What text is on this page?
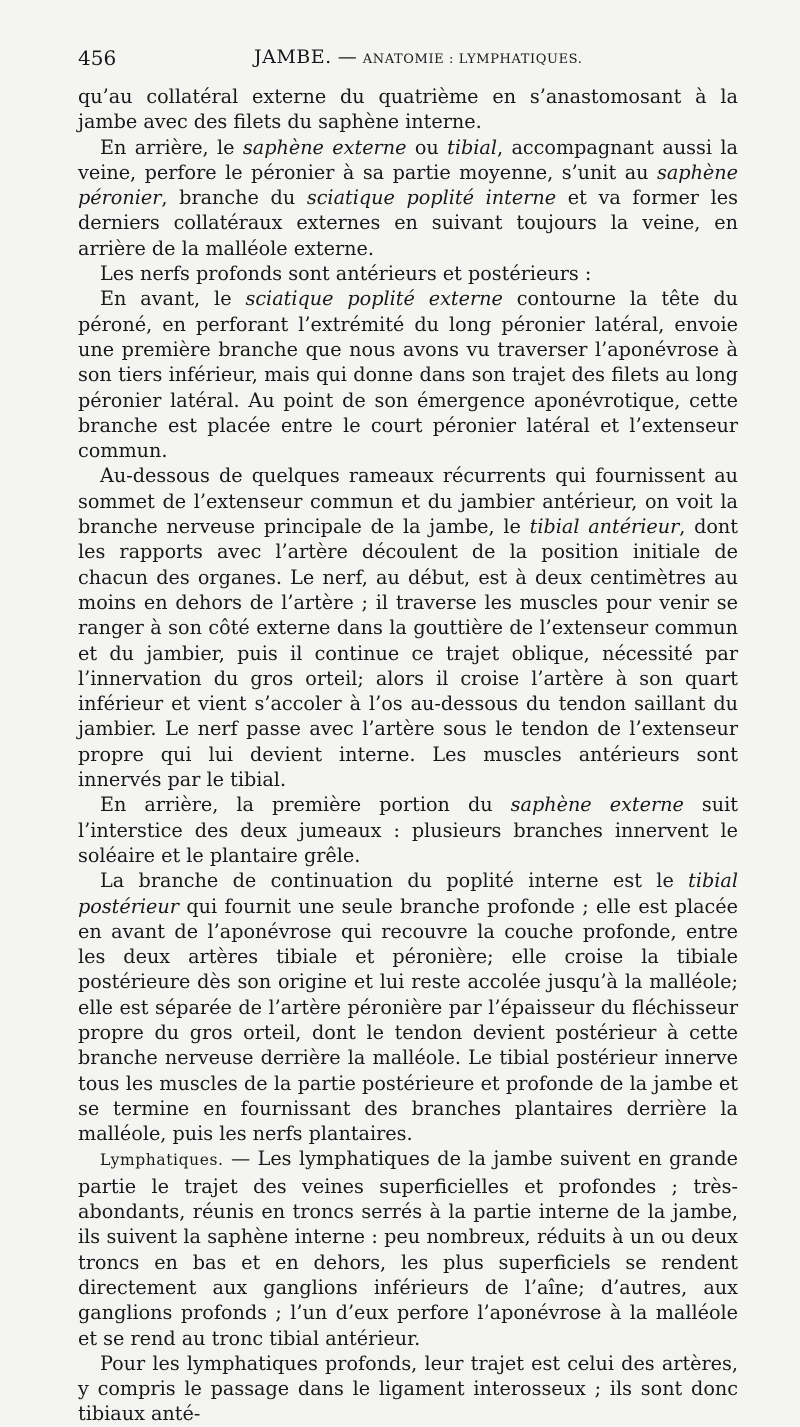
456	JAMBE. — ANATOMIE : LYMPHATIQUES.

qu’au collatéral externe du quatrième en s’anastomosant à la jambe avec des filets du saphène interne.

En arrière, le saphène externe ou tibial, accompagnant aussi la veine, perfore le péronier à sa partie moyenne, s’unit au saphène péronier, branche du sciatique poplité interne et va former les derniers collatéraux externes en suivant toujours la veine, en arrière de la malléole externe.

Les nerfs profonds sont antérieurs et postérieurs :

En avant, le sciatique poplité externe contourne la tête du péroné, en perforant l’extrémité du long péronier latéral, envoie une première branche que nous avons vu traverser l’aponévrose à son tiers inférieur, mais qui donne dans son trajet des filets au long péronier latéral. Au point de son émergence aponévrotique, cette branche est placée entre le court péronier latéral et l’extenseur commun.

Au-dessous de quelques rameaux récurrents qui fournissent au sommet de l’extenseur commun et du jambier antérieur, on voit la branche nerveuse principale de la jambe, le tibial antérieur, dont les rapports avec l’artère découlent de la position initiale de chacun des organes. Le nerf, au début, est à deux centimètres au moins en dehors de l’artère ; il traverse les muscles pour venir se ranger à son côté externe dans la gouttière de l’extenseur commun et du jambier, puis il continue ce trajet oblique, nécessité par l’innervation du gros orteil; alors il croise l’artère à son quart inférieur et vient s’accoler à l’os au-dessous du tendon saillant du jambier. Le nerf passe avec l’artère sous le tendon de l’extenseur propre qui lui devient interne. Les muscles antérieurs sont innervés par le tibial.

En arrière, la première portion du saphène externe suit l’interstice des deux jumeaux : plusieurs branches innervent le soléaire et le plantaire grêle.

La branche de continuation du poplité interne est le tibial postérieur qui fournit une seule branche profonde ; elle est placée en avant de l’aponévrose qui recouvre la couche profonde, entre les deux artères tibiale et péronière; elle croise la tibiale postérieure dès son origine et lui reste accolée jusqu’à la malléole; elle est séparée de l’artère péronière par l’épaisseur du fléchisseur propre du gros orteil, dont le tendon devient postérieur à cette branche nerveuse derrière la malléole. Le tibial postérieur innerve tous les muscles de la partie postérieure et profonde de la jambe et se termine en fournissant des branches plantaires derrière la malléole, puis les nerfs plantaires.

Lymphatiques. — Les lymphatiques de la jambe suivent en grande partie le trajet des veines superficielles et profondes ; très-abondants, réunis en troncs serrés à la partie interne de la jambe, ils suivent la saphène interne : peu nombreux, réduits à un ou deux troncs en bas et en dehors, les plus superficiels se rendent directement aux ganglions inférieurs de l’aîne; d’autres, aux ganglions profonds ; l’un d’eux perfore l’aponévrose à la malléole et se rend au tronc tibial antérieur.

Pour les lymphatiques profonds, leur trajet est celui des artères, y compris le passage dans le ligament interosseux ; ils sont donc tibiaux anté-
